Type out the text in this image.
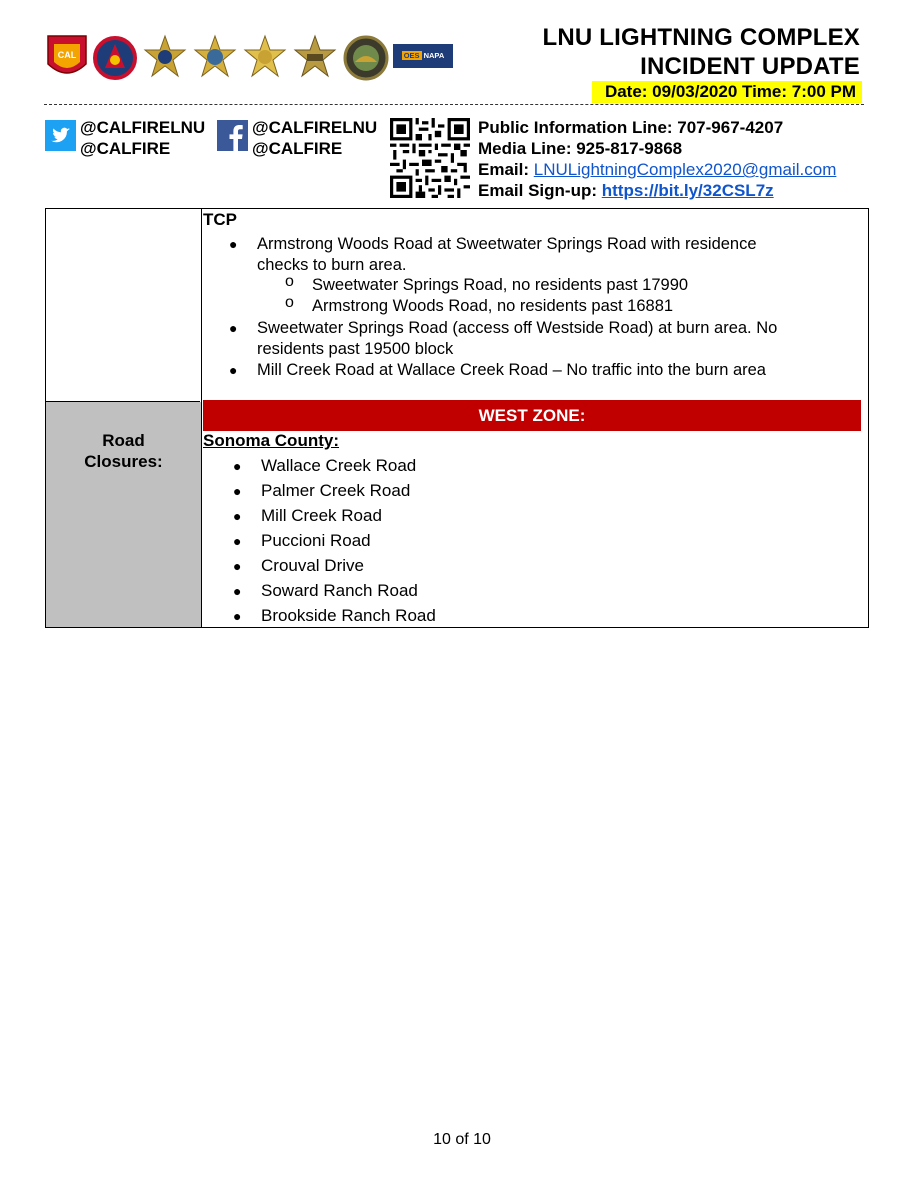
CAL	OES NAPA COUNTY
LNU LIGHTNING COMPLEX
INCIDENT UPDATE
Date: 09/03/2020 Time: 7:00 PM
@CALFIRELNU
@CALFIRE
@CALFIRELNU
@CALFIRE
Public Information Line: 707-967-4207
Media Line: 925-817-9868
Email: LNULightningComplex2020@gmail.com
Email Sign-up: https://bit.ly/32CSL7z
Road
Closures:
TCP
● Armstrong Woods Road at Sweetwater Springs Road with residence
checks to burn area.
o Sweetwater Springs Road, no residents past 17990
o Armstrong Woods Road, no residents past 16881
● Sweetwater Springs Road (access off Westside Road) at burn area. No
residents past 19500 block
● Mill Creek Road at Wallace Creek Road – No traffic into the burn area
WEST ZONE:
Sonoma County:
● Wallace Creek Road
● Palmer Creek Road
● Mill Creek Road
● Puccioni Road
● Crouval Drive
● Soward Ranch Road
● Brookside Ranch Road
10 of 10
